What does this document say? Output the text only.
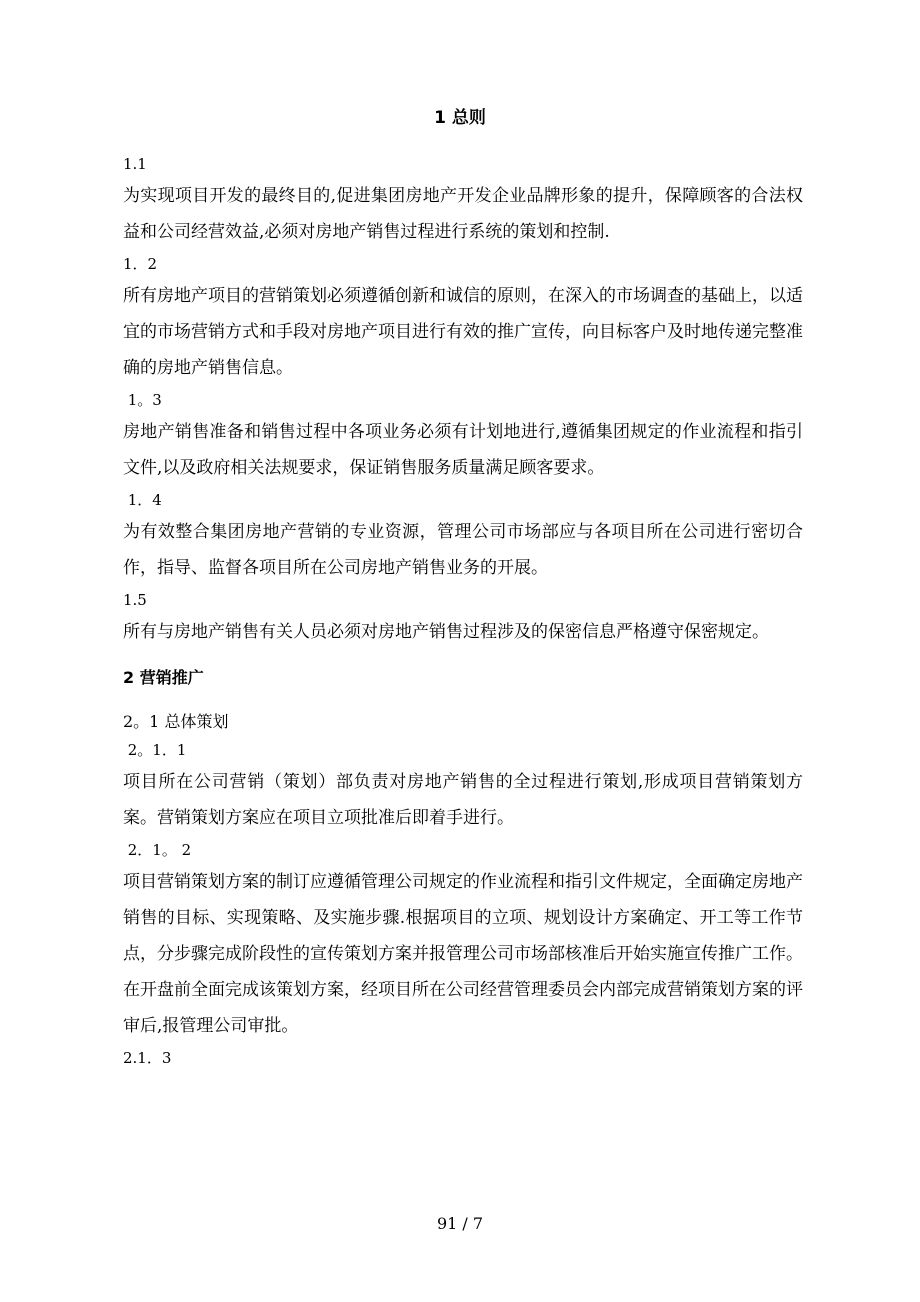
1 总则
1.1

为实现项目开发的最终目的,促进集团房地产开发企业品牌形象的提升，保障顾客的合法权益和公司经营效益,必须对房地产销售过程进行系统的策划和控制.

1．2

所有房地产项目的营销策划必须遵循创新和诚信的原则，在深入的市场调查的基础上，以适宜的市场营销方式和手段对房地产项目进行有效的推广宣传，向目标客户及时地传递完整准确的房地产销售信息。

1。3

房地产销售准备和销售过程中各项业务必须有计划地进行,遵循集团规定的作业流程和指引文件,以及政府相关法规要求，保证销售服务质量满足顾客要求。

1．4

为有效整合集团房地产营销的专业资源，管理公司市场部应与各项目所在公司进行密切合作，指导、监督各项目所在公司房地产销售业务的开展。

1.5

所有与房地产销售有关人员必须对房地产销售过程涉及的保密信息严格遵守保密规定。

2 营销推广
2。1 总体策划
2。1．1

项目所在公司营销（策划）部负责对房地产销售的全过程进行策划,形成项目营销策划方案。营销策划方案应在项目立项批准后即着手进行。

2．1。 2

项目营销策划方案的制订应遵循管理公司规定的作业流程和指引文件规定，全面确定房地产销售的目标、实现策略、及实施步骤.根据项目的立项、规划设计方案确定、开工等工作节点，分步骤完成阶段性的宣传策划方案并报管理公司市场部核准后开始实施宣传推广工作。在开盘前全面完成该策划方案，经项目所在公司经营管理委员会内部完成营销策划方案的评审后,报管理公司审批。

2.1．3
91 / 7
